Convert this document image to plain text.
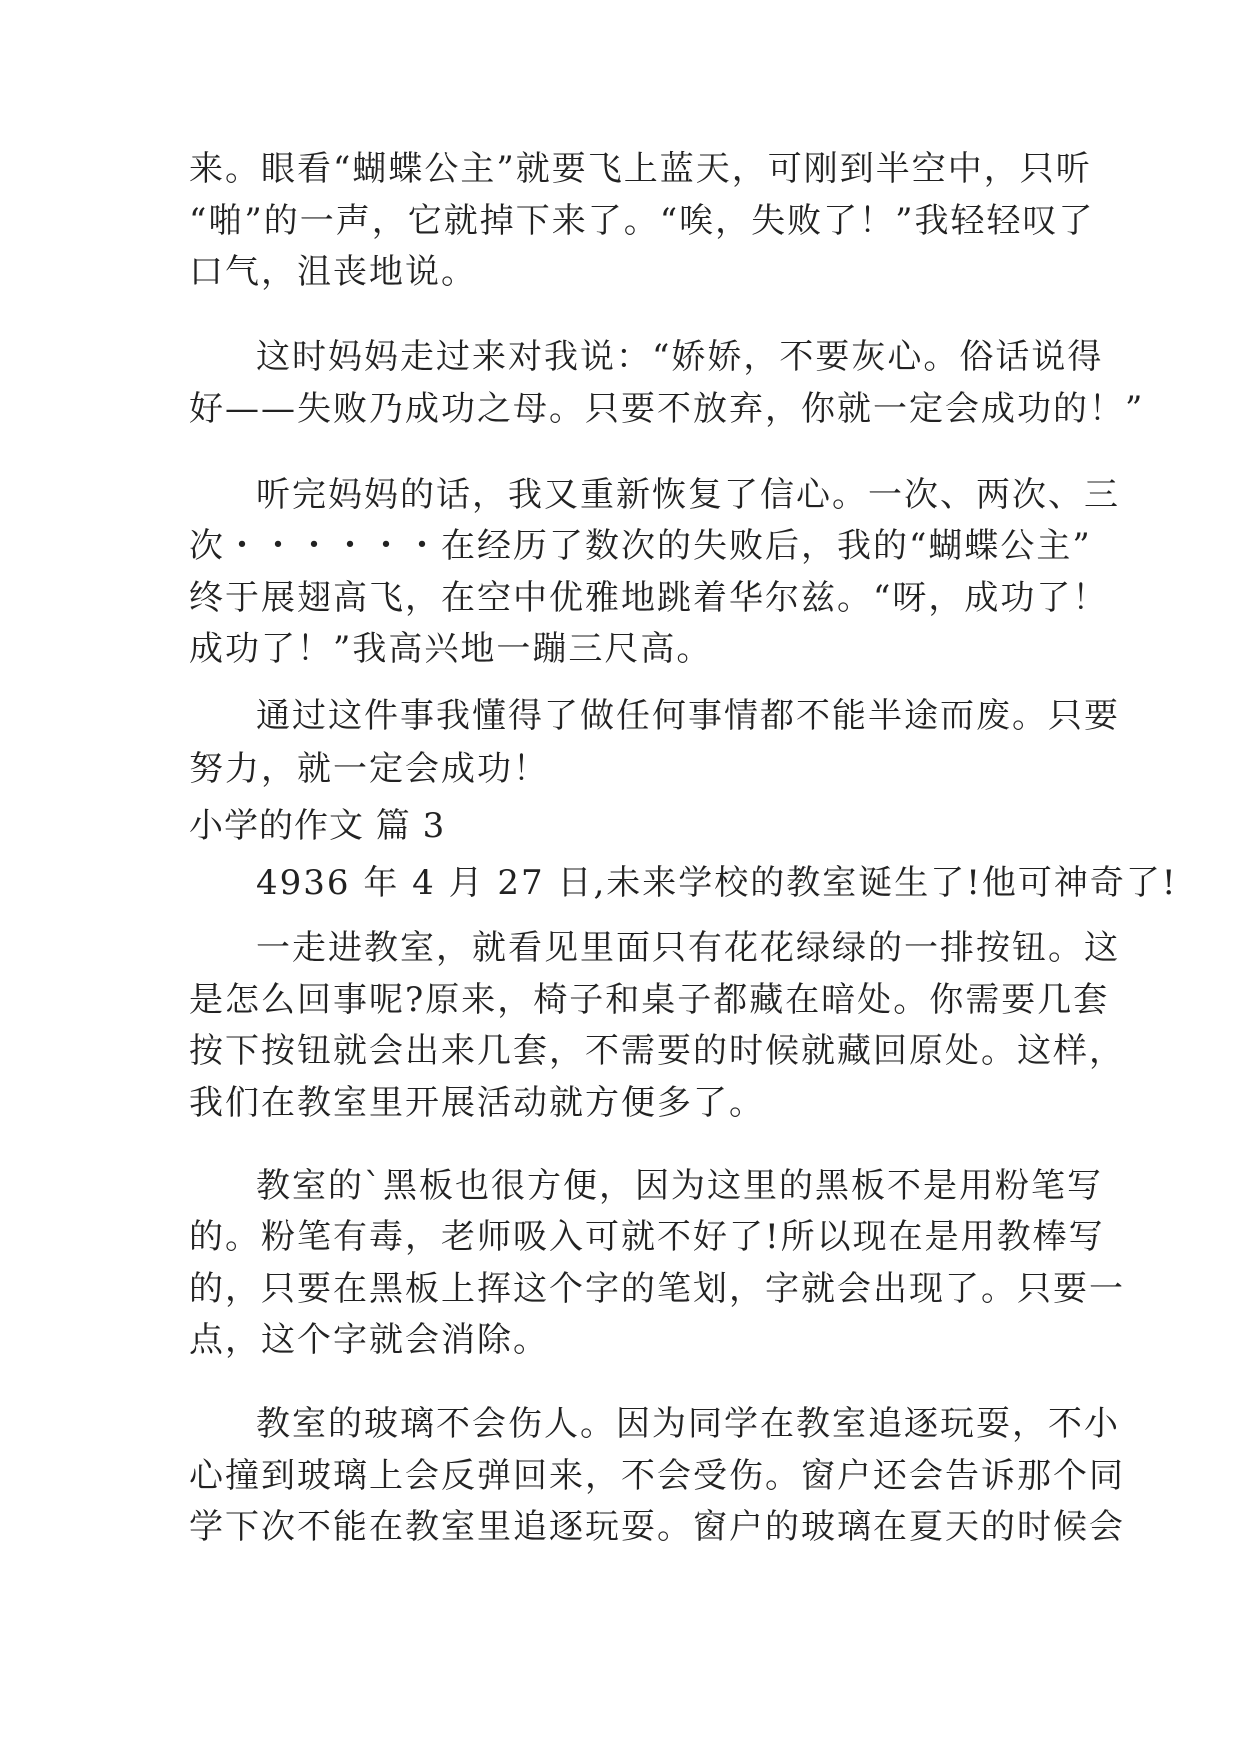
来。眼看“蝴蝶公主”就要飞上蓝天，可刚到半空中，只听
“啪”的一声，它就掉下来了。“唉，失败了！”我轻轻叹了
口气，沮丧地说。
这时妈妈走过来对我说：“娇娇，不要灰心。俗话说得
好——失败乃成功之母。只要不放弃，你就一定会成功的！”
听完妈妈的话，我又重新恢复了信心。一次、两次、三
次・・・・・・在经历了数次的失败后，我的“蝴蝶公主”
终于展翅高飞，在空中优雅地跳着华尔兹。“呀，成功了！
成功了！”我高兴地一蹦三尺高。
通过这件事我懂得了做任何事情都不能半途而废。只要
努力，就一定会成功！
小学的作文 篇 3
4936 年 4 月 27 日,未来学校的教室诞生了!他可神奇了!
一走进教室，就看见里面只有花花绿绿的一排按钮。这
是怎么回事呢?原来，椅子和桌子都藏在暗处。你需要几套
按下按钮就会出来几套，不需要的时候就藏回原处。这样，
我们在教室里开展活动就方便多了。
教室的`黑板也很方便，因为这里的黑板不是用粉笔写
的。粉笔有毒，老师吸入可就不好了!所以现在是用教棒写
的，只要在黑板上挥这个字的笔划，字就会出现了。只要一
点，这个字就会消除。
教室的玻璃不会伤人。因为同学在教室追逐玩耍，不小
心撞到玻璃上会反弹回来，不会受伤。窗户还会告诉那个同
学下次不能在教室里追逐玩耍。窗户的玻璃在夏天的时候会
